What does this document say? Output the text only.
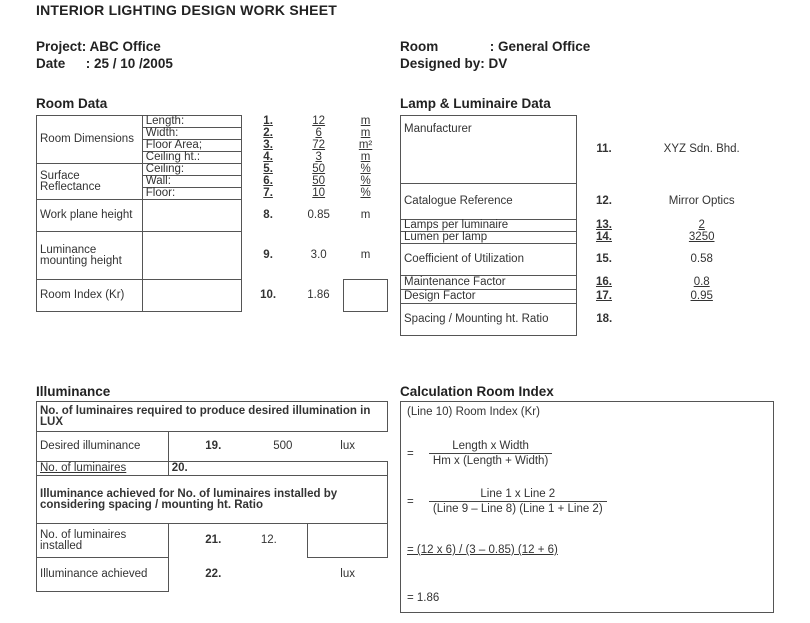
INTERIOR LIGHTING DESIGN WORK SHEET
Project: ABC Office
Date : 25 / 10 /2005
Room	: General Office
Designed by: DV
Room Data
Room Dimensions	Length:	1.	12	m
	Width:	2.	6	m
	Floor Area;	3.	72	m²
	Ceiling ht.:	4.	3	m
Surface Reflectance	Ceiling:	5.	50	%
	Wall:	6.	50	%
	Floor:	7.	10	%
Work plane height		8.	0.85	m
Luminance mounting height		9.	3.0	m
Room Index (Kr)		10.	1.86	
Lamp & Luminaire Data
Manufacturer	11.	XYZ Sdn. Bhd.
Catalogue Reference	12.	Mirror Optics
Lamps per luminaire	13.	2
Lumen per lamp	14.	3250
Coefficient of Utilization	15.	0.58
Maintenance Factor	16.	0.8
Design Factor	17.	0.95
Spacing / Mounting ht. Ratio	18.	
Illuminance
No. of luminaires required to produce desired illumination in LUX			
Desired illuminance	19.	500	lux
No. of luminaires	20.		
Illuminance achieved for No. of luminaires installed by considering spacing / mounting ht. Ratio			
No. of luminaires installed	21.	12.	
Illuminance achieved	22.		lux
Calculation Room Index
(Line 10) Room Index (Kr)
= $\frac{\text{Length x Width}}{\text{Hm x (Length + Width)}}$
= $\frac{\text{Line 1 x Line 2}}{\text{(Line 9 – Line 8) (Line 1 + Line 2)}}$
= (12 x 6) / (3 – 0.85) (12 + 6)
= 1.86
